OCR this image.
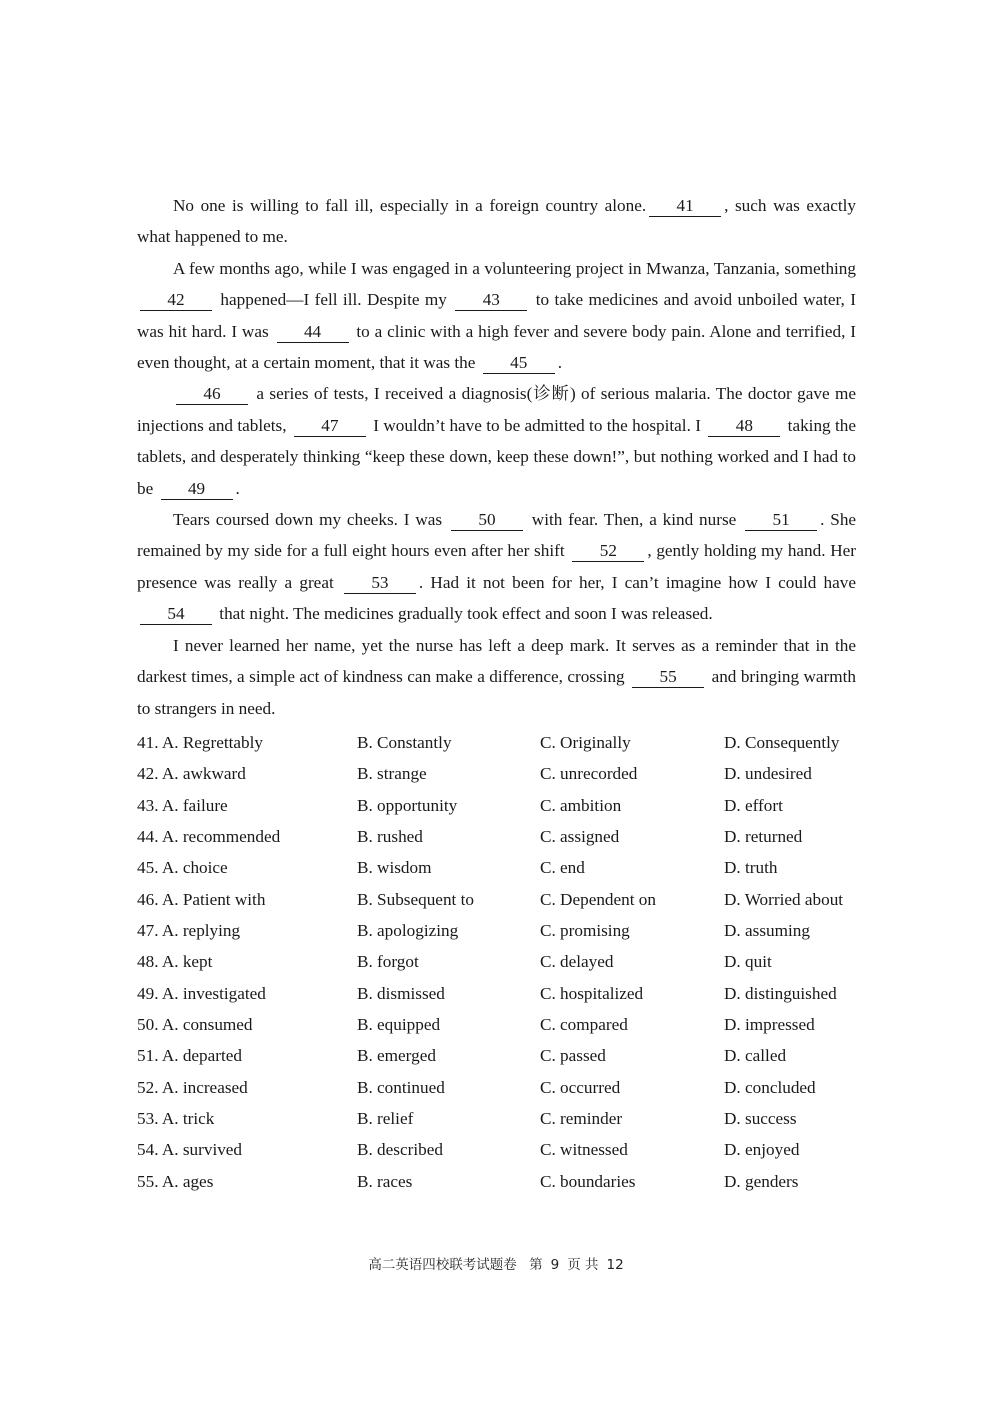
No one is willing to fall ill, especially in a foreign country alone. 41 , such was exactly what happened to me.

A few months ago, while I was engaged in a volunteering project in Mwanza, Tanzania, something 42 happened—I fell ill. Despite my 43 to take medicines and avoid unboiled water, I was hit hard. I was 44 to a clinic with a high fever and severe body pain. Alone and terrified, I even thought, at a certain moment, that it was the 45 .

46 a series of tests, I received a diagnosis(诊断) of serious malaria. The doctor gave me injections and tablets, 47 I wouldn’t have to be admitted to the hospital. I 48 taking the tablets, and desperately thinking “keep these down, keep these down!”, but nothing worked and I had to be 49 .

Tears coursed down my cheeks. I was 50 with fear. Then, a kind nurse 51 . She remained by my side for a full eight hours even after her shift 52 , gently holding my hand. Her presence was really a great 53 . Had it not been for her, I can’t imagine how I could have 54 that night. The medicines gradually took effect and soon I was released.

I never learned her name, yet the nurse has left a deep mark. It serves as a reminder that in the darkest times, a simple act of kindness can make a difference, crossing 55 and bringing warmth to strangers in need.

41. A. Regrettably	B. Constantly	C. Originally	D. Consequently
42. A. awkward	B. strange	C. unrecorded	D. undesired
43. A. failure	B. opportunity	C. ambition	D. effort
44. A. recommended	B. rushed	C. assigned	D. returned
45. A. choice	B. wisdom	C. end	D. truth
46. A. Patient with	B. Subsequent to	C. Dependent on	D. Worried about
47. A. replying	B. apologizing	C. promising	D. assuming
48. A. kept	B. forgot	C. delayed	D. quit
49. A. investigated	B. dismissed	C. hospitalized	D. distinguished
50. A. consumed	B. equipped	C. compared	D. impressed
51. A. departed	B. emerged	C. passed	D. called
52. A. increased	B. continued	C. occurred	D. concluded
53. A. trick	B. relief	C. reminder	D. success
54. A. survived	B. described	C. witnessed	D. enjoyed
55. A. ages	B. races	C. boundaries	D. genders
高二英语四校联考试题卷 第 9 页 共 12
